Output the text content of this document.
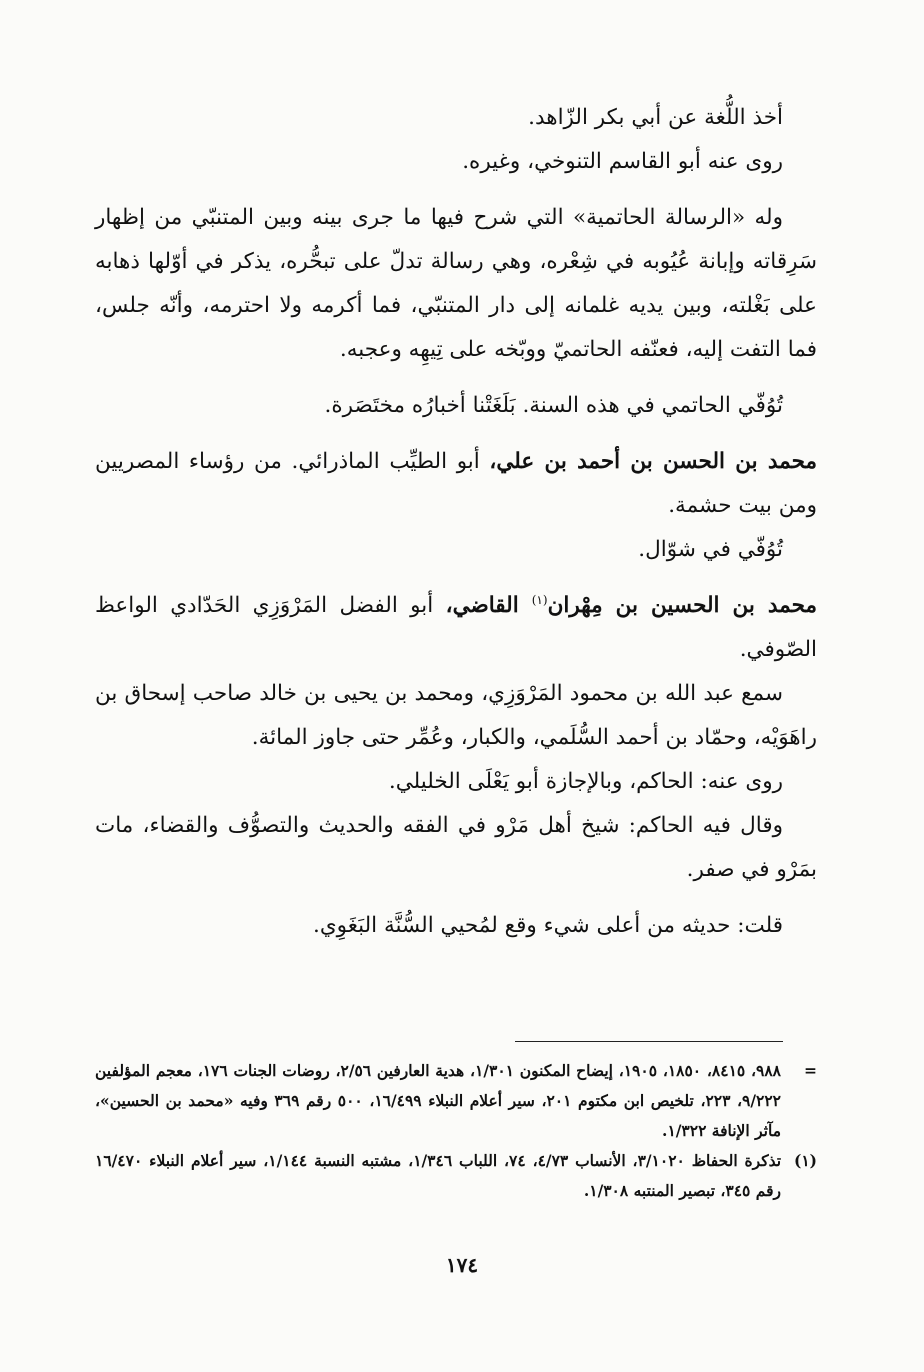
أخذ اللُّغة عن أبي بكر الزّاهد.

روى عنه أبو القاسم التنوخي، وغيره.

وله «الرسالة الحاتمية» التي شرح فيها ما جرى بينه وبين المتنبّي من إظهار سَرِقاته وإبانة عُيُوبه في شِعْره، وهي رسالة تدلّ على تبحُّره، يذكر في أوّلها ذهابه على بَغْلته، وبين يديه غلمانه إلى دار المتنبّي، فما أكرمه ولا احترمه، وأنّه جلس، فما التفت إليه، فعنّفه الحاتميّ ووبّخه على تِيهِه وعجبه.

تُوُفّي الحاتمي في هذه السنة. بَلَغَتْنا أخبارُه مختَصَرة.

محمد بن الحسن بن أحمد بن علي، أبو الطيِّب الماذرائي. من رؤساء المصريين ومن بيت حشمة.

تُوُفّي في شوّال.

محمد بن الحسين بن مِهْران$^{(١)}$ القاضي، أبو الفضل المَرْوَزِي الحَدّادي الواعظ الصّوفي.

سمع عبد الله بن محمود المَرْوَزِي، ومحمد بن يحيى بن خالد صاحب إسحاق بن راهَوَيْه، وحمّاد بن أحمد السُّلَمي، والكبار، وعُمِّر حتى جاوز المائة.

روى عنه: الحاكم، وبالإجازة أبو يَعْلَى الخليلي.

وقال فيه الحاكم: شيخ أهل مَرْو في الفقه والحديث والتصوُّف والقضاء، مات بمَرْو في صفر.

قلت: حديثه من أعلى شيء وقع لمُحيي السُّنَّة البَغَوِي.

=
٩٨٨، ٨٤١٥، ١٨٥٠، ١٩٠٥، إيضاح المكنون ١/٣٠١، هدية العارفين ٢/٥٦، روضات الجنات ١٧٦، معجم المؤلفين ٩/٢٢٢، ٢٢٣، تلخيص ابن مكتوم ٢٠١، سير أعلام النبلاء ١٦/٤٩٩، ٥٠٠ رقم ٣٦٩ وفيه «محمد بن الحسين»، مآثر الإنافة ١/٣٢٢.
(١)
تذكرة الحفاظ ٣/١٠٢٠، الأنساب ٤/٧٣، ٧٤، اللباب ١/٣٤٦، مشتبه النسبة ١/١٤٤، سير أعلام النبلاء ١٦/٤٧٠ رقم ٣٤٥، تبصير المنتبه ١/٣٠٨.
١٧٤
